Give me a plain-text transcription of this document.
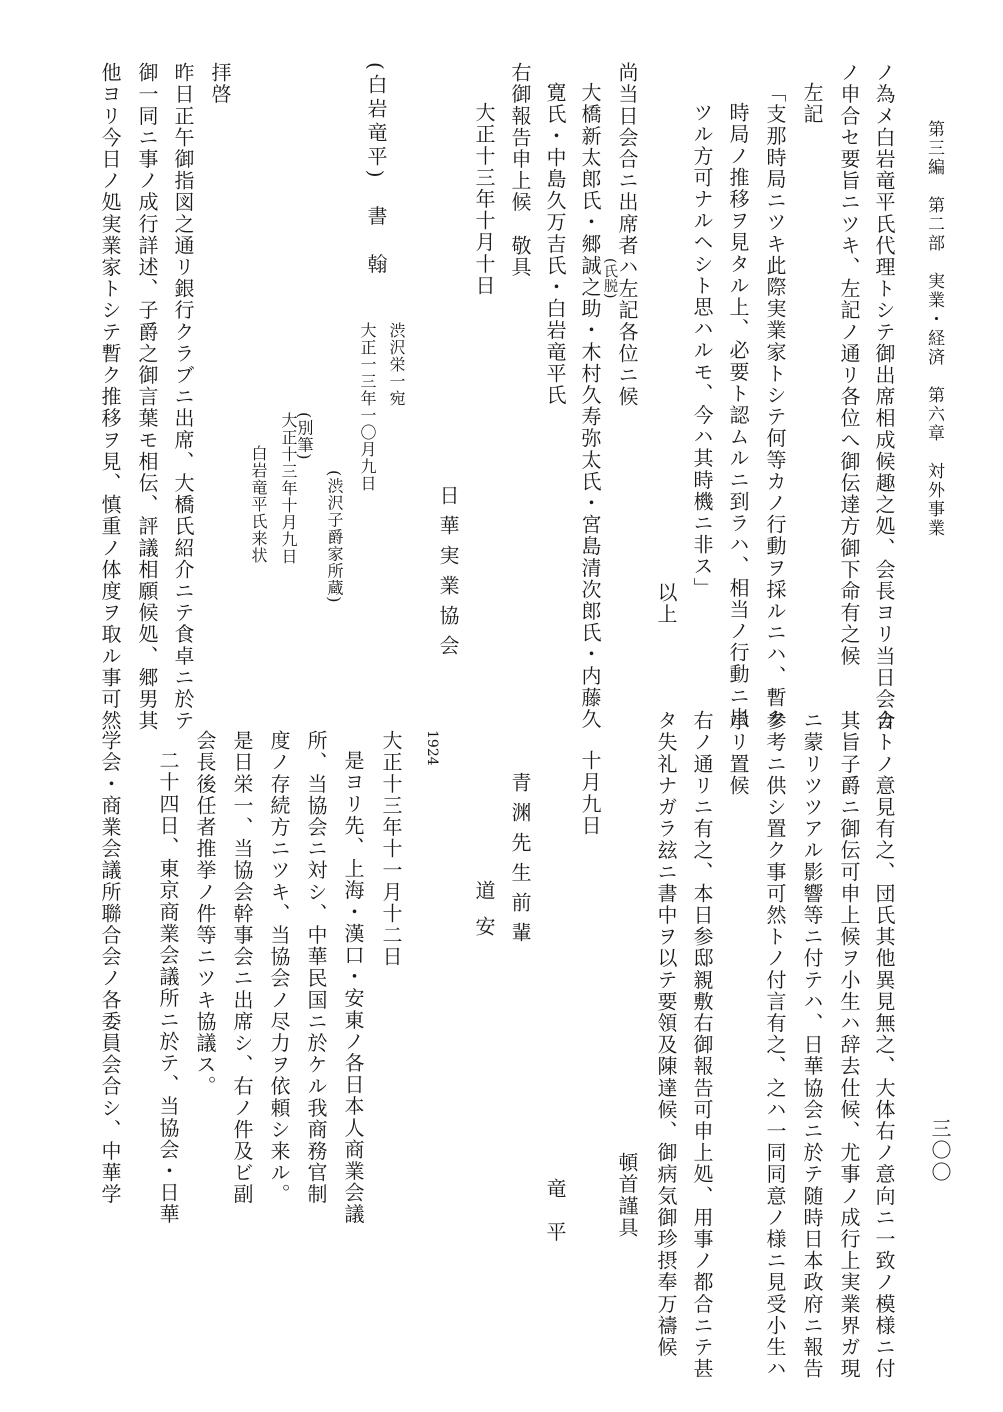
第三編　第二部　実業・経済　第六章　対外事業
三〇〇
ノ為メ白岩竜平氏代理トシテ御出席相成候趣之処、会長ヨリ当日会合
ノ申合セ要旨ニツキ、左記ノ通リ各位へ御伝達方御下命有之候
左記
「支那時局ニツキ此際実業家トシテ何等カノ行動ヲ採ルニハ、暫ク
時局ノ推移ヲ見タル上、必要ト認ムルニ到ラハ、相当ノ行動ニ出
ツル方可ナルヘシト思ハルモ、今ハ其時機ニ非ス」
以上
尚当日会合ニ出席者ハ左記各位ニ候
大橋新太郎氏・郷誠之助・木村久寿弥太氏・宮島清次郎氏・内藤久 (氏脱)
寛氏・中島久万吉氏・白岩竜平氏
右御報告申上候　敬具
大正十三年十月十日
日華実業協会
渋沢栄一宛
大正一三年一〇月九日
(白岩竜平)　書　翰
(渋沢子爵家所蔵)
(別筆)
大正十三年十月九日
白岩竜平氏来状
拝啓
昨日正午御指図之通リ銀行クラブニ出席、大橋氏紹介ニテ食卓ニ於テ
御一同ニ事ノ成行詳述、子爵之御言葉モ相伝、評議相願候処、郷男其
他ヨリ今日ノ処実業家トシテ暫ク推移ヲ見、慎重ノ体度ヲ取ル事可然
カトノ意見有之、団氏其他異見無之、大体右ノ意向ニ一致ノ模様ニ付
其旨子爵ニ御伝可申上候ヲ小生ハ辞去仕候、尤事ノ成行上実業界ガ現
ニ蒙リツツアル影響等ニ付テハ、日華協会ニ於テ随時日本政府ニ報告
参考ニ供シ置ク事可然トノ付言有之、之ハ一同同意ノ様ニ見受小生ハ
承リ置候
右ノ通リニ有之、本日参邸親敷右御報告可申上処、用事ノ都合ニテ甚
タ失礼ナガラ玆ニ書中ヲ以テ要領及陳達候、御病気御珍摂奉万禱候
頓首謹具
十月九日
竜　平
青渊先生前輩
道安
1924
大正十三年十一月十二日
是ヨリ先、上海・漢口・安東ノ各日本人商業会議
所、当協会ニ対シ、中華民国ニ於ケル我商務官制
度ノ存続方ニツキ、当協会ノ尽力ヲ依頼シ来ル。
是日栄一、当協会幹事会ニ出席シ、右ノ件及ビ副
会長後任者推挙ノ件等ニツキ協議ス。
二十四日、東京商業会議所ニ於テ、当協会・日華
学会・商業会議所聯合会ノ各委員会合シ、中華学
